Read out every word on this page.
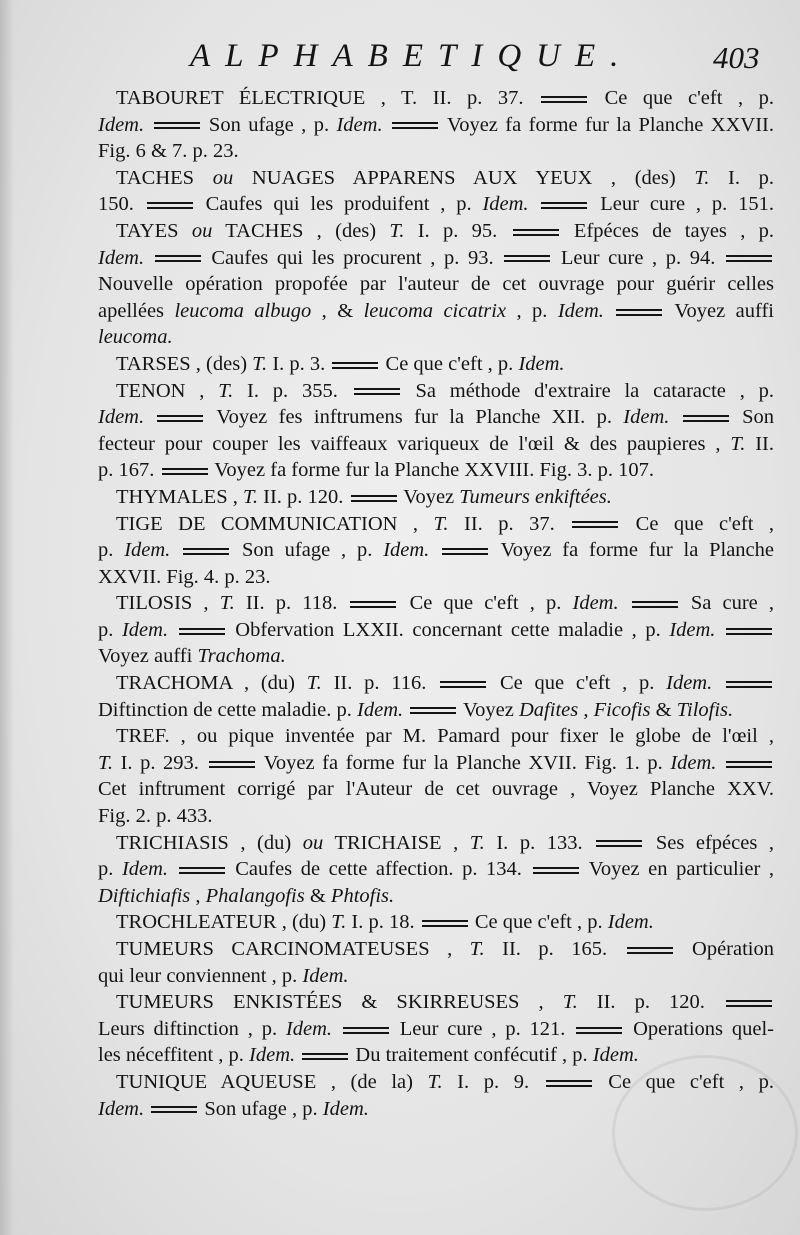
ALPHABETIQUE.	403
TABOURET ÉLECTRIQUE , T. II. p. 37.  Ce que c'eft , p.
Idem.	Son ufage , p. Idem.	Voyez fa forme fur la Planche XXVII.
Fig. 6 & 7. p. 23.
TACHES ou NUAGES APPARENS AUX YEUX , (des) T. I. p.
150.  Caufes qui les produifent , p. Idem.	Leur cure , p. 151.
TAYES ou TACHES , (des) T. I. p. 95.  Efpéces de tayes , p.
Idem.	Caufes qui les procurent , p. 93.  Leur cure , p. 94.
Nouvelle opération propofée par l'auteur de cet ouvrage pour guérir celles
apellées leucoma albugo , & leucoma cicatrix , p. Idem.	Voyez auffi
leucoma.
TARSES , (des) T. I. p. 3.  Ce que c'eft , p. Idem.
TENON , T. I. p. 355.  Sa méthode d'extraire la cataracte , p.
Idem.	Voyez fes inftrumens fur la Planche XII. p. Idem.	Son
fecteur pour couper les vaiffeaux variqueux de l'œil & des paupieres , T. II.
p. 167.  Voyez fa forme fur la Planche XXVIII. Fig. 3. p. 107.
THYMALES , T. II. p. 120.  Voyez Tumeurs enkiftées.
TIGE DE COMMUNICATION , T. II. p. 37.  Ce que c'eft ,
p. Idem.	Son ufage , p. Idem.	Voyez fa forme fur la Planche
XXVII. Fig. 4. p. 23.
TILOSIS , T. II. p. 118.  Ce que c'eft , p. Idem.	Sa cure ,
p. Idem.	Obfervation LXXII. concernant cette maladie , p. Idem.
Voyez auffi Trachoma.
TRACHOMA , (du) T. II. p. 116.  Ce que c'eft , p. Idem.
Diftinction de cette maladie. p. Idem.	Voyez Dafites , Ficofis & Tilofis.
TREF. , ou pique inventée par M. Pamard pour fixer le globe de l'œil ,
T. I. p. 293.  Voyez fa forme fur la Planche XVII. Fig. 1. p. Idem.
Cet inftrument corrigé par l'Auteur de cet ouvrage , Voyez Planche XXV.
Fig. 2. p. 433.
TRICHIASIS , (du) ou TRICHAISE , T. I. p. 133.  Ses efpéces ,
p. Idem.	Caufes de cette affection. p. 134.  Voyez en particulier ,
Diftichiafis , Phalangofis & Phtofis.
TROCHLEATEUR , (du) T. I. p. 18.  Ce que c'eft , p. Idem.
TUMEURS CARCINOMATEUSES , T. II. p. 165.  Opération
qui leur conviennent , p. Idem.
TUMEURS ENKISTÉES & SKIRREUSES , T. II. p. 120.
Leurs diftinction , p. Idem.	Leur cure , p. 121.  Operations quel-
les néceffitent , p. Idem.	Du traitement confécutif , p. Idem.
TUNIQUE AQUEUSE , (de la) T. I. p. 9.  Ce que c'eft , p.
Idem.	Son ufage , p. Idem.
